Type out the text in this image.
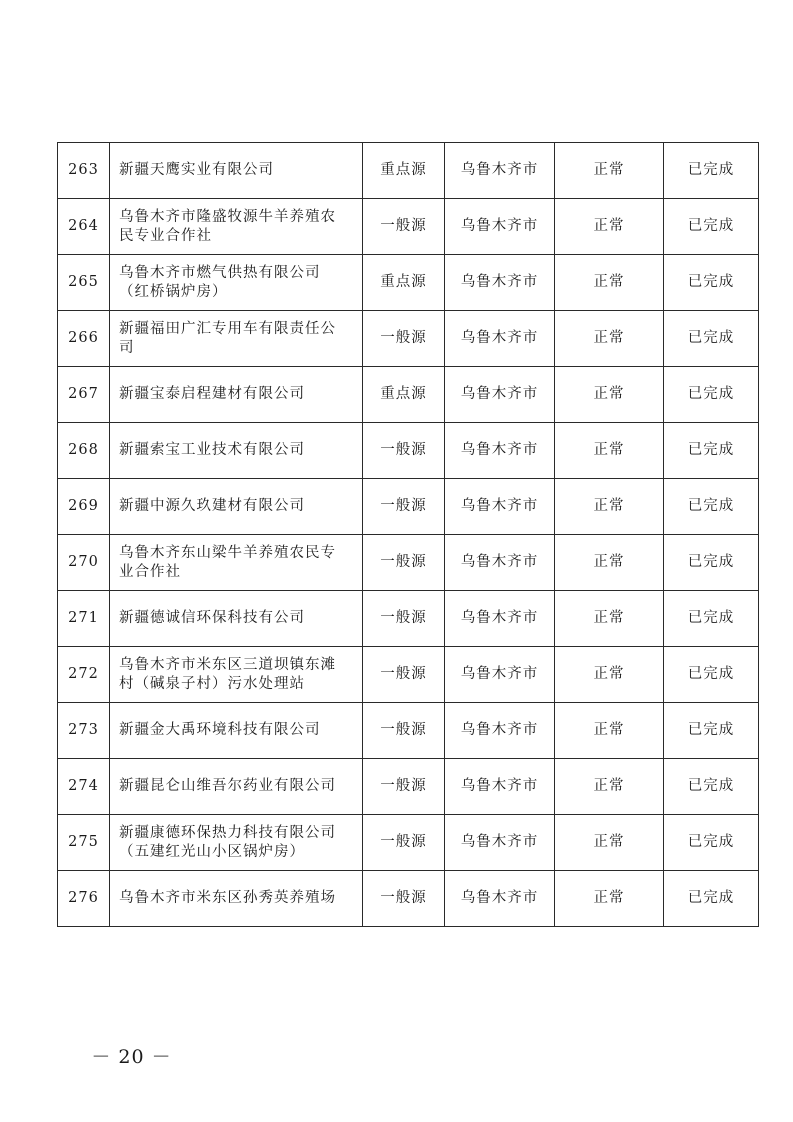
263	新疆天鹰实业有限公司	重点源	乌鲁木齐市	正常	已完成
264	乌鲁木齐市隆盛牧源牛羊养殖农
民专业合作社	一般源	乌鲁木齐市	正常	已完成
265	乌鲁木齐市燃气供热有限公司
（红桥锅炉房）	重点源	乌鲁木齐市	正常	已完成
266	新疆福田广汇专用车有限责任公
司	一般源	乌鲁木齐市	正常	已完成
267	新疆宝泰启程建材有限公司	重点源	乌鲁木齐市	正常	已完成
268	新疆索宝工业技术有限公司	一般源	乌鲁木齐市	正常	已完成
269	新疆中源久玖建材有限公司	一般源	乌鲁木齐市	正常	已完成
270	乌鲁木齐东山梁牛羊养殖农民专
业合作社	一般源	乌鲁木齐市	正常	已完成
271	新疆德诚信环保科技有公司	一般源	乌鲁木齐市	正常	已完成
272	乌鲁木齐市米东区三道坝镇东滩
村（碱泉子村）污水处理站	一般源	乌鲁木齐市	正常	已完成
273	新疆金大禹环境科技有限公司	一般源	乌鲁木齐市	正常	已完成
274	新疆昆仑山维吾尔药业有限公司	一般源	乌鲁木齐市	正常	已完成
275	新疆康德环保热力科技有限公司
（五建红光山小区锅炉房）	一般源	乌鲁木齐市	正常	已完成
276	乌鲁木齐市米东区孙秀英养殖场	一般源	乌鲁木齐市	正常	已完成
－ 20 －
